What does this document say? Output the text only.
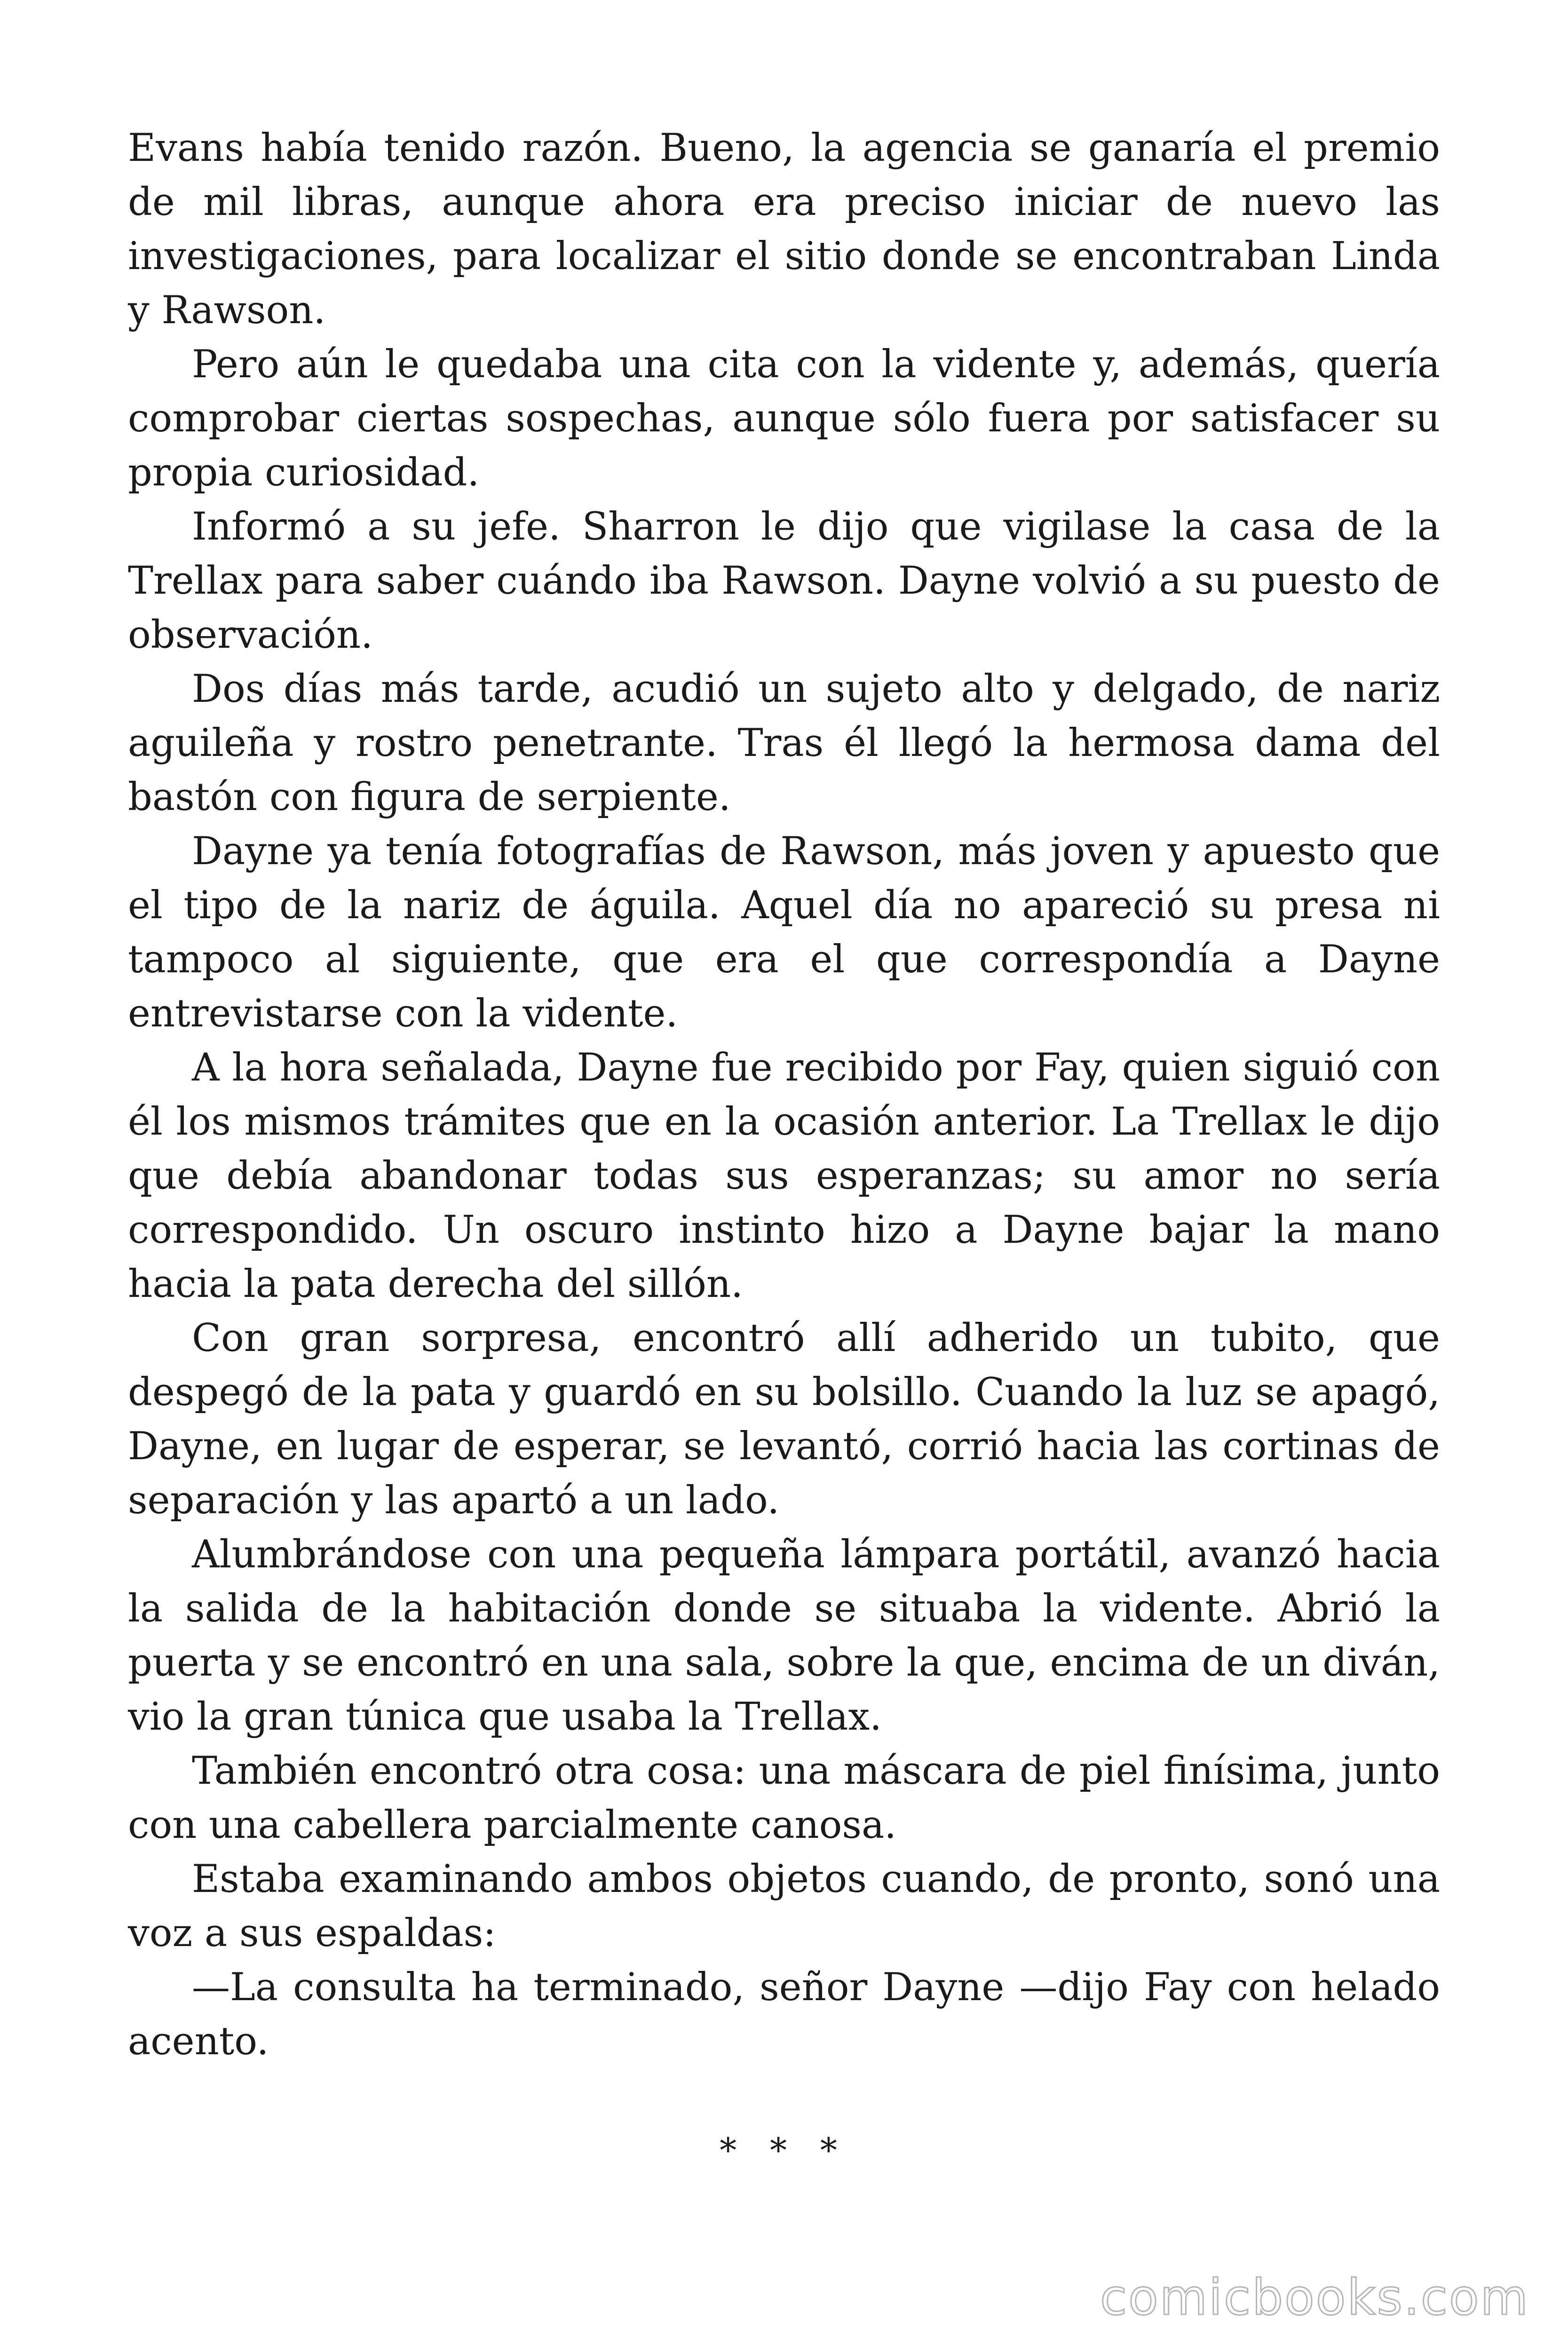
Evans había tenido razón. Bueno, la agencia se ganaría el premio de mil libras, aunque ahora era preciso iniciar de nuevo las investigaciones, para localizar el sitio donde se encontraban Linda y Rawson.

Pero aún le quedaba una cita con la vidente y, además, quería comprobar ciertas sospechas, aunque sólo fuera por satisfacer su propia curiosidad.

Informó a su jefe. Sharron le dijo que vigilase la casa de la Trellax para saber cuándo iba Rawson. Dayne volvió a su puesto de observación.

Dos días más tarde, acudió un sujeto alto y delgado, de nariz aguileña y rostro penetrante. Tras él llegó la hermosa dama del bastón con figura de serpiente.

Dayne ya tenía fotografías de Rawson, más joven y apuesto que el tipo de la nariz de águila. Aquel día no apareció su presa ni tampoco al siguiente, que era el que correspondía a Dayne entrevistarse con la vidente.

A la hora señalada, Dayne fue recibido por Fay, quien siguió con él los mismos trámites que en la ocasión anterior. La Trellax le dijo que debía abandonar todas sus esperanzas; su amor no sería correspondido. Un oscuro instinto hizo a Dayne bajar la mano hacia la pata derecha del sillón.

Con gran sorpresa, encontró allí adherido un tubito, que despegó de la pata y guardó en su bolsillo. Cuando la luz se apagó, Dayne, en lugar de esperar, se levantó, corrió hacia las cortinas de separación y las apartó a un lado.

Alumbrándose con una pequeña lámpara portátil, avanzó hacia la salida de la habitación donde se situaba la vidente. Abrió la puerta y se encontró en una sala, sobre la que, encima de un diván, vio la gran túnica que usaba la Trellax.

También encontró otra cosa: una máscara de piel finísima, junto con una cabellera parcialmente canosa.

Estaba examinando ambos objetos cuando, de pronto, sonó una voz a sus espaldas:

—La consulta ha terminado, señor Dayne —dijo Fay con helado acento.

* * *
comicbooks.com
